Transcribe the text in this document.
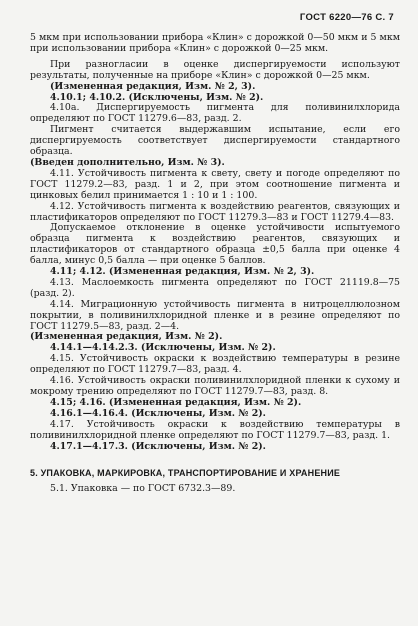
ГОСТ 6220—76 С. 7

5 мкм при использовании прибора «Клин» с дорожкой 0—50 мкм и 5 мкм при использовании прибора «Клин» с дорожкой 0—25 мкм.

При разногласии в оценке диспергируемости используют результаты, полученные на приборе «Клин» с дорожкой 0—25 мкм.

(Измененная редакция, Изм. № 2, 3).

4.10.1; 4.10.2. (Исключены, Изм. № 2).

4.10а. Диспергируемость пигмента для поливинилхлорида определяют по ГОСТ 11279.6—83, разд. 2.

Пигмент считается выдержавшим испытание, если его диспергируемость соответствует диспергируемости стандартного образца.

(Введен дополнительно, Изм. № 3).

4.11. Устойчивость пигмента к свету, свету и погоде определяют по ГОСТ 11279.2—83, разд. 1 и 2, при этом соотношение пигмента и цинковых белил принимается 1 : 10 и 1 : 100.

4.12. Устойчивость пигмента к воздействию реагентов, связующих и пластификаторов определяют по ГОСТ 11279.3—83 и ГОСТ 11279.4—83.

Допускаемое отклонение в оценке устойчивости испытуемого образца пигмента к воздействию реагентов, связующих и пластификаторов от стандартного образца ±0,5 балла при оценке 4 балла, минус 0,5 балла — при оценке 5 баллов.

4.11; 4.12. (Измененная редакция, Изм. № 2, 3).

4.13. Маслоемкость пигмента определяют по ГОСТ 21119.8—75 (разд. 2).

4.14. Миграционную устойчивость пигмента в нитроцеллюлозном покрытии, в поливинилхлоридной пленке и в резине определяют по ГОСТ 11279.5—83, разд. 2—4.

(Измененная редакция, Изм. № 2).

4.14.1—4.14.2.3. (Исключены, Изм. № 2).

4.15. Устойчивость окраски к воздействию температуры в резине определяют по ГОСТ 11279.7—83, разд. 4.

4.16. Устойчивость окраски поливинилхлоридной пленки к сухому и мокрому трению определяют по ГОСТ 11279.7—83, разд. 8.

4.15; 4.16. (Измененная редакция, Изм. № 2).

4.16.1—4.16.4. (Исключены, Изм. № 2).

4.17. Устойчивость окраски к воздействию температуры в поливинилхлоридной пленке определяют по ГОСТ 11279.7—83, разд. 1.

4.17.1—4.17.3. (Исключены, Изм. № 2).

5. УПАКОВКА, МАРКИРОВКА, ТРАНСПОРТИРОВАНИЕ И ХРАНЕНИЕ

5.1. Упаковка — по ГОСТ 6732.3—89.
